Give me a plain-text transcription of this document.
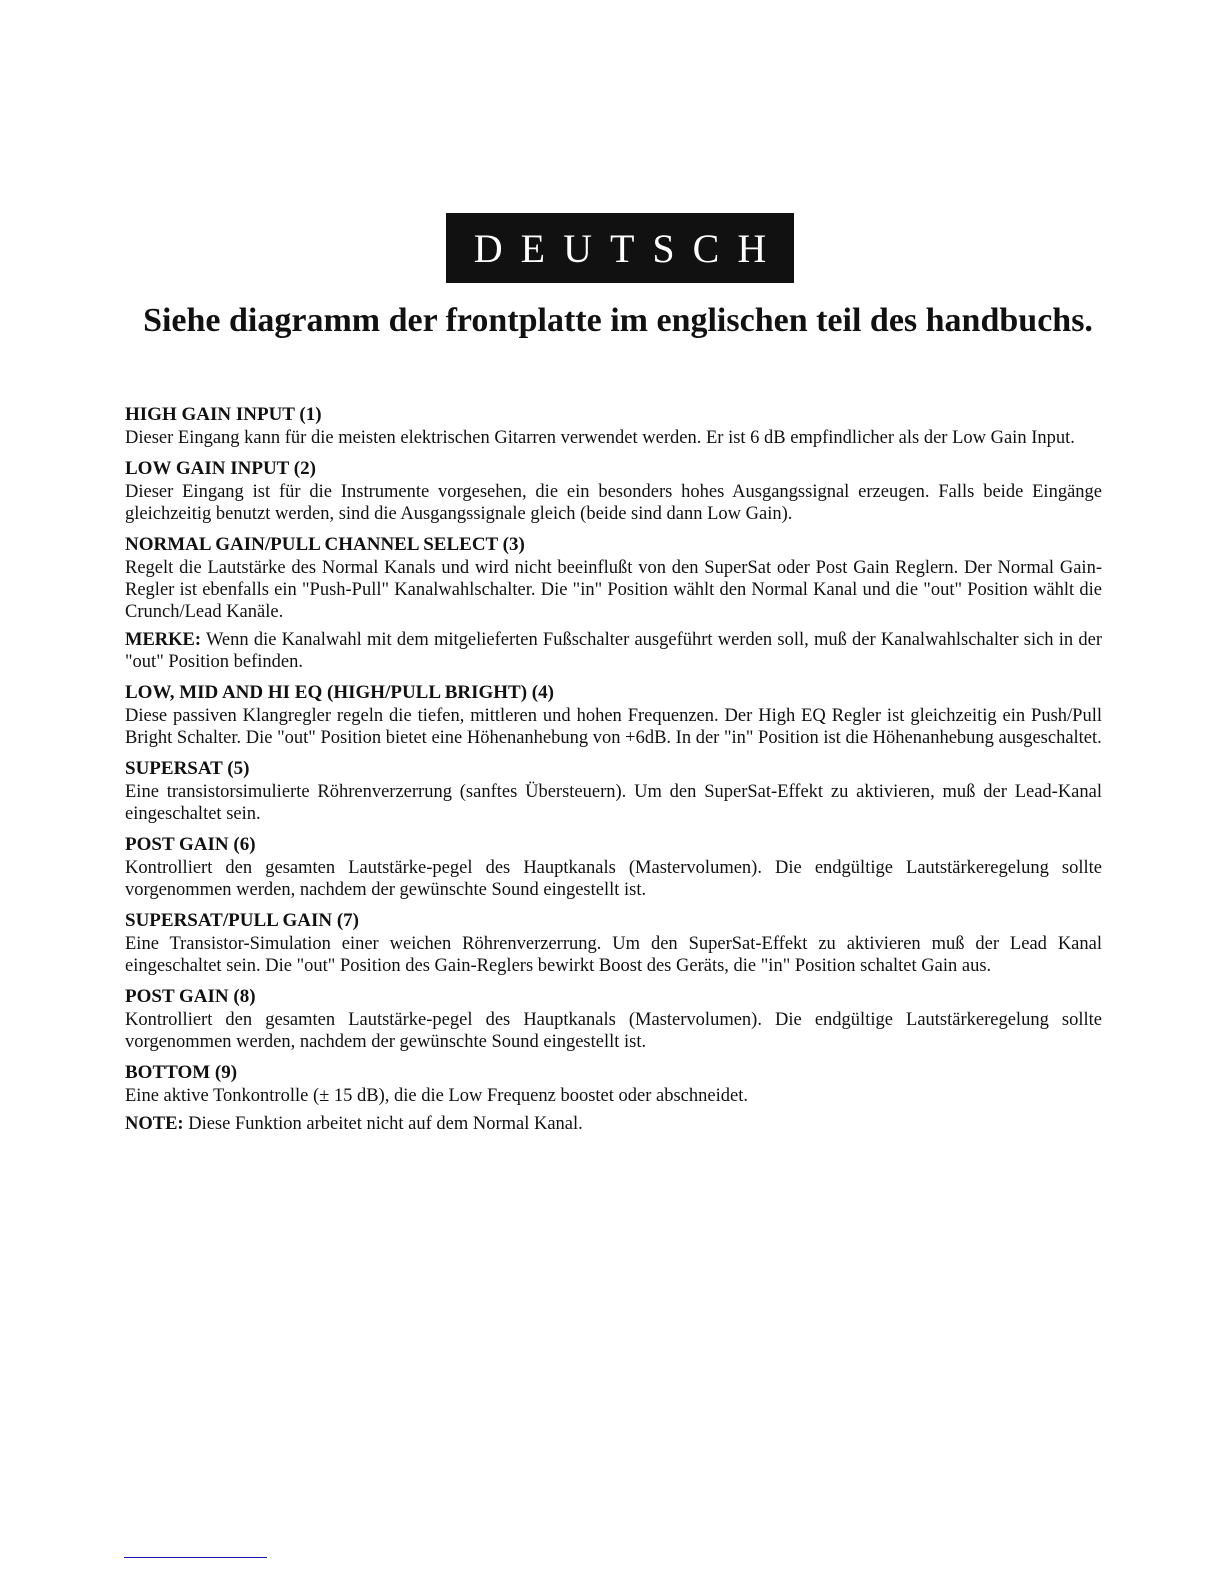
DEUTSCH
Siehe diagramm der frontplatte im englischen teil des handbuchs.
HIGH GAIN INPUT (1)

Dieser Eingang kann für die meisten elektrischen Gitarren verwendet werden. Er ist 6 dB empfindlicher als der Low Gain Input.

LOW GAIN INPUT (2)

Dieser Eingang ist für die Instrumente vorgesehen, die ein besonders hohes Ausgangssignal erzeugen. Falls beide Eingänge gleichzeitig benutzt werden, sind die Ausgangssignale gleich (beide sind dann Low Gain).

NORMAL GAIN/PULL CHANNEL SELECT (3)

Regelt die Lautstärke des Normal Kanals und wird nicht beeinflußt von den SuperSat oder Post Gain Reglern. Der Normal Gain-Regler ist ebenfalls ein "Push-Pull" Kanalwahlschalter. Die "in" Position wählt den Normal Kanal und die "out" Position wählt die Crunch/Lead Kanäle.

MERKE: Wenn die Kanalwahl mit dem mitgelieferten Fußschalter ausgeführt werden soll, muß der Kanalwahlschalter sich in der "out" Position befinden.

LOW, MID AND HI EQ (HIGH/PULL BRIGHT) (4)

Diese passiven Klangregler regeln die tiefen, mittleren und hohen Frequenzen. Der High EQ Regler ist gleichzeitig ein Push/Pull Bright Schalter. Die "out" Position bietet eine Höhenanhebung von +6dB. In der "in" Position ist die Höhenanhebung ausgeschaltet.

SUPERSAT (5)

Eine transistorsimulierte Röhrenverzerrung (sanftes Übersteuern). Um den SuperSat-Effekt zu aktivieren, muß der Lead-Kanal eingeschaltet sein.

POST GAIN (6)

Kontrolliert den gesamten Lautstärke-pegel des Hauptkanals (Mastervolumen). Die endgültige Lautstärkeregelung sollte vorgenommen werden, nachdem der gewünschte Sound eingestellt ist.

SUPERSAT/PULL GAIN (7)

Eine Transistor-Simulation einer weichen Röhrenverzerrung. Um den SuperSat-Effekt zu aktivieren muß der Lead Kanal eingeschaltet sein. Die "out" Position des Gain-Reglers bewirkt Boost des Geräts, die "in" Position schaltet Gain aus.

POST GAIN (8)

Kontrolliert den gesamten Lautstärke-pegel des Hauptkanals (Mastervolumen). Die endgültige Lautstärkeregelung sollte vorgenommen werden, nachdem der gewünschte Sound eingestellt ist.

BOTTOM (9)

Eine aktive Tonkontrolle (± 15 dB), die die Low Frequenz boostet oder abschneidet.

NOTE: Diese Funktion arbeitet nicht auf dem Normal Kanal.
